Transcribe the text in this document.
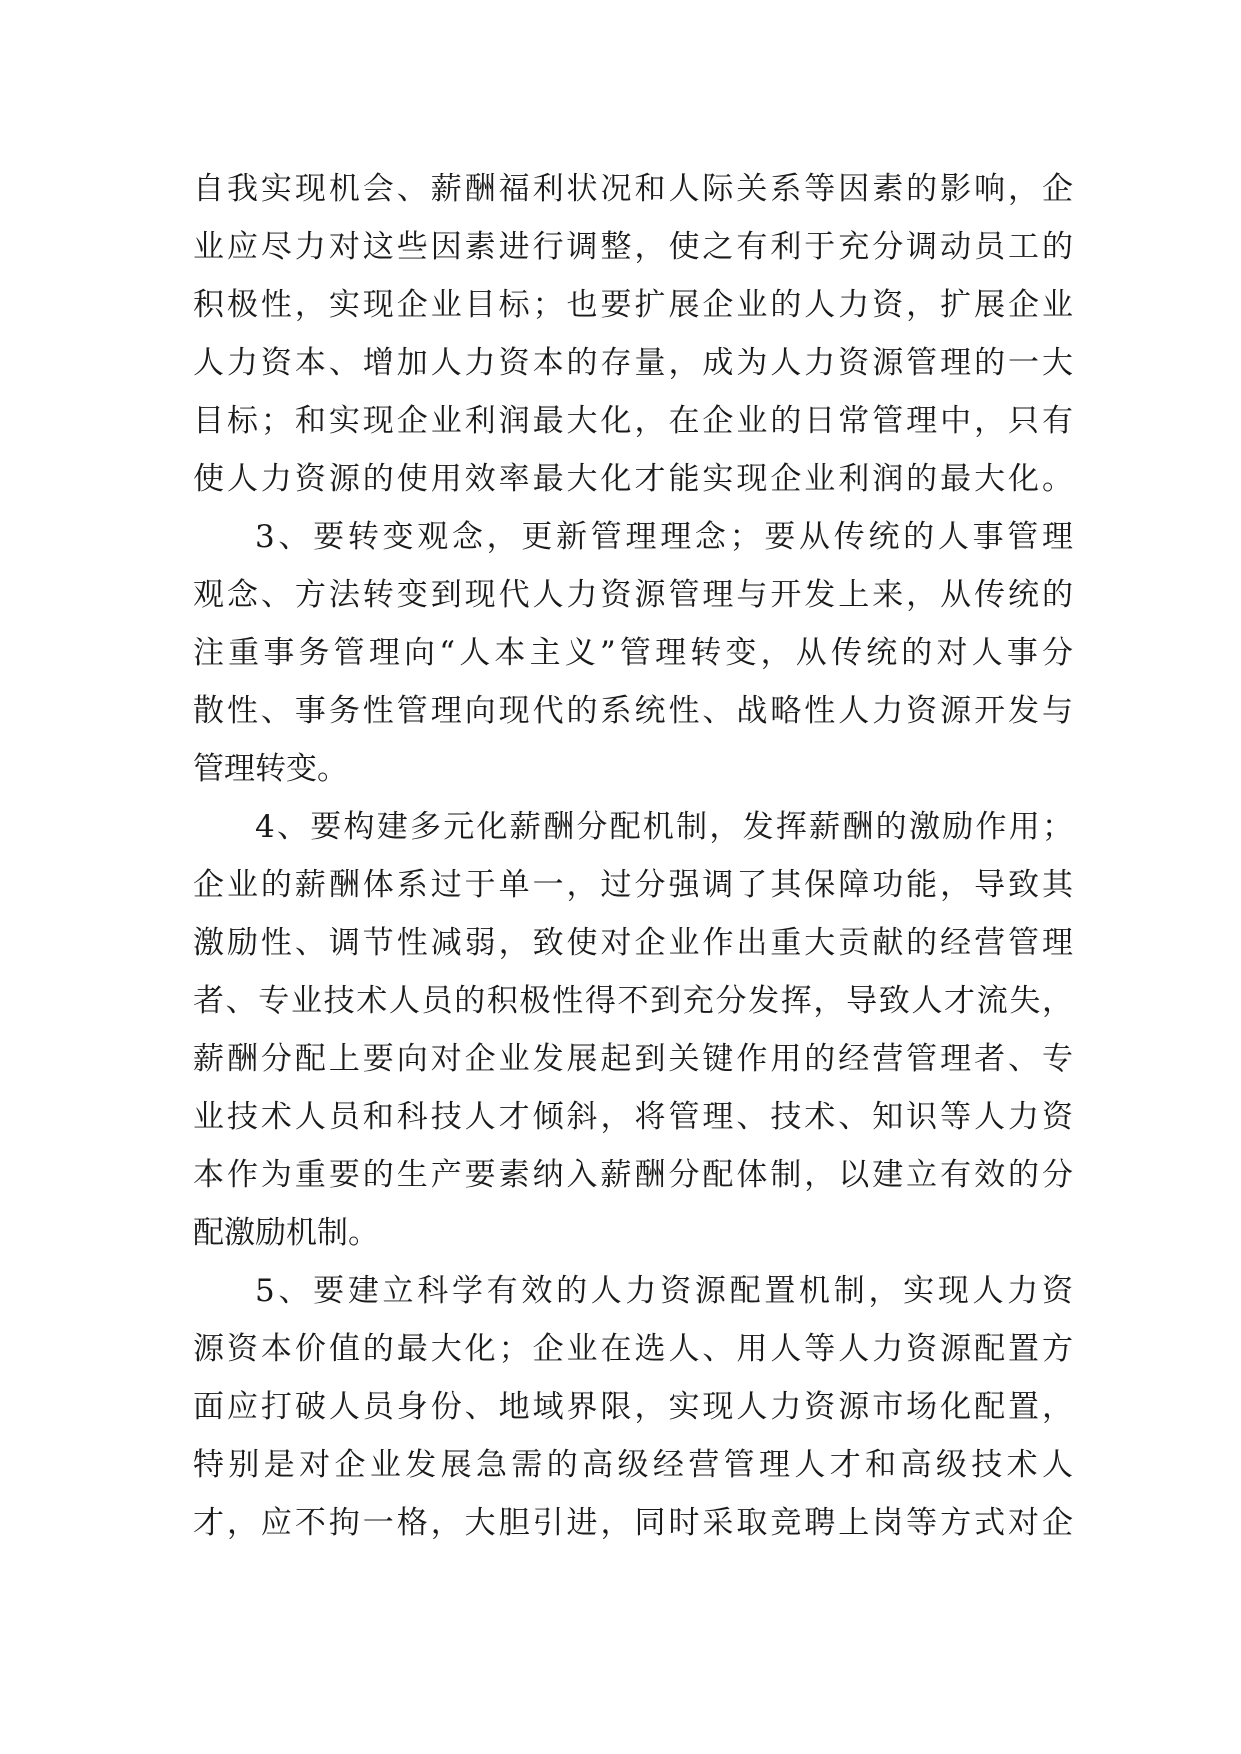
自我实现机会、薪酬福利状况和人际关系等因素的影响，企
业应尽力对这些因素进行调整，使之有利于充分调动员工的
积极性，实现企业目标；也要扩展企业的人力资，扩展企业
人力资本、增加人力资本的存量，成为人力资源管理的一大
目标；和实现企业利润最大化，在企业的日常管理中，只有
使人力资源的使用效率最大化才能实现企业利润的最大化。
3、要转变观念，更新管理理念；要从传统的人事管理
观念、方法转变到现代人力资源管理与开发上来，从传统的
注重事务管理向“人本主义”管理转变，从传统的对人事分
散性、事务性管理向现代的系统性、战略性人力资源开发与
管理转变。
4、要构建多元化薪酬分配机制，发挥薪酬的激励作用；
企业的薪酬体系过于单一，过分强调了其保障功能，导致其
激励性、调节性减弱，致使对企业作出重大贡献的经营管理
者、专业技术人员的积极性得不到充分发挥，导致人才流失，
薪酬分配上要向对企业发展起到关键作用的经营管理者、专
业技术人员和科技人才倾斜，将管理、技术、知识等人力资
本作为重要的生产要素纳入薪酬分配体制，以建立有效的分
配激励机制。
5、要建立科学有效的人力资源配置机制，实现人力资
源资本价值的最大化；企业在选人、用人等人力资源配置方
面应打破人员身份、地域界限，实现人力资源市场化配置，
特别是对企业发展急需的高级经营管理人才和高级技术人
才，应不拘一格，大胆引进，同时采取竞聘上岗等方式对企
